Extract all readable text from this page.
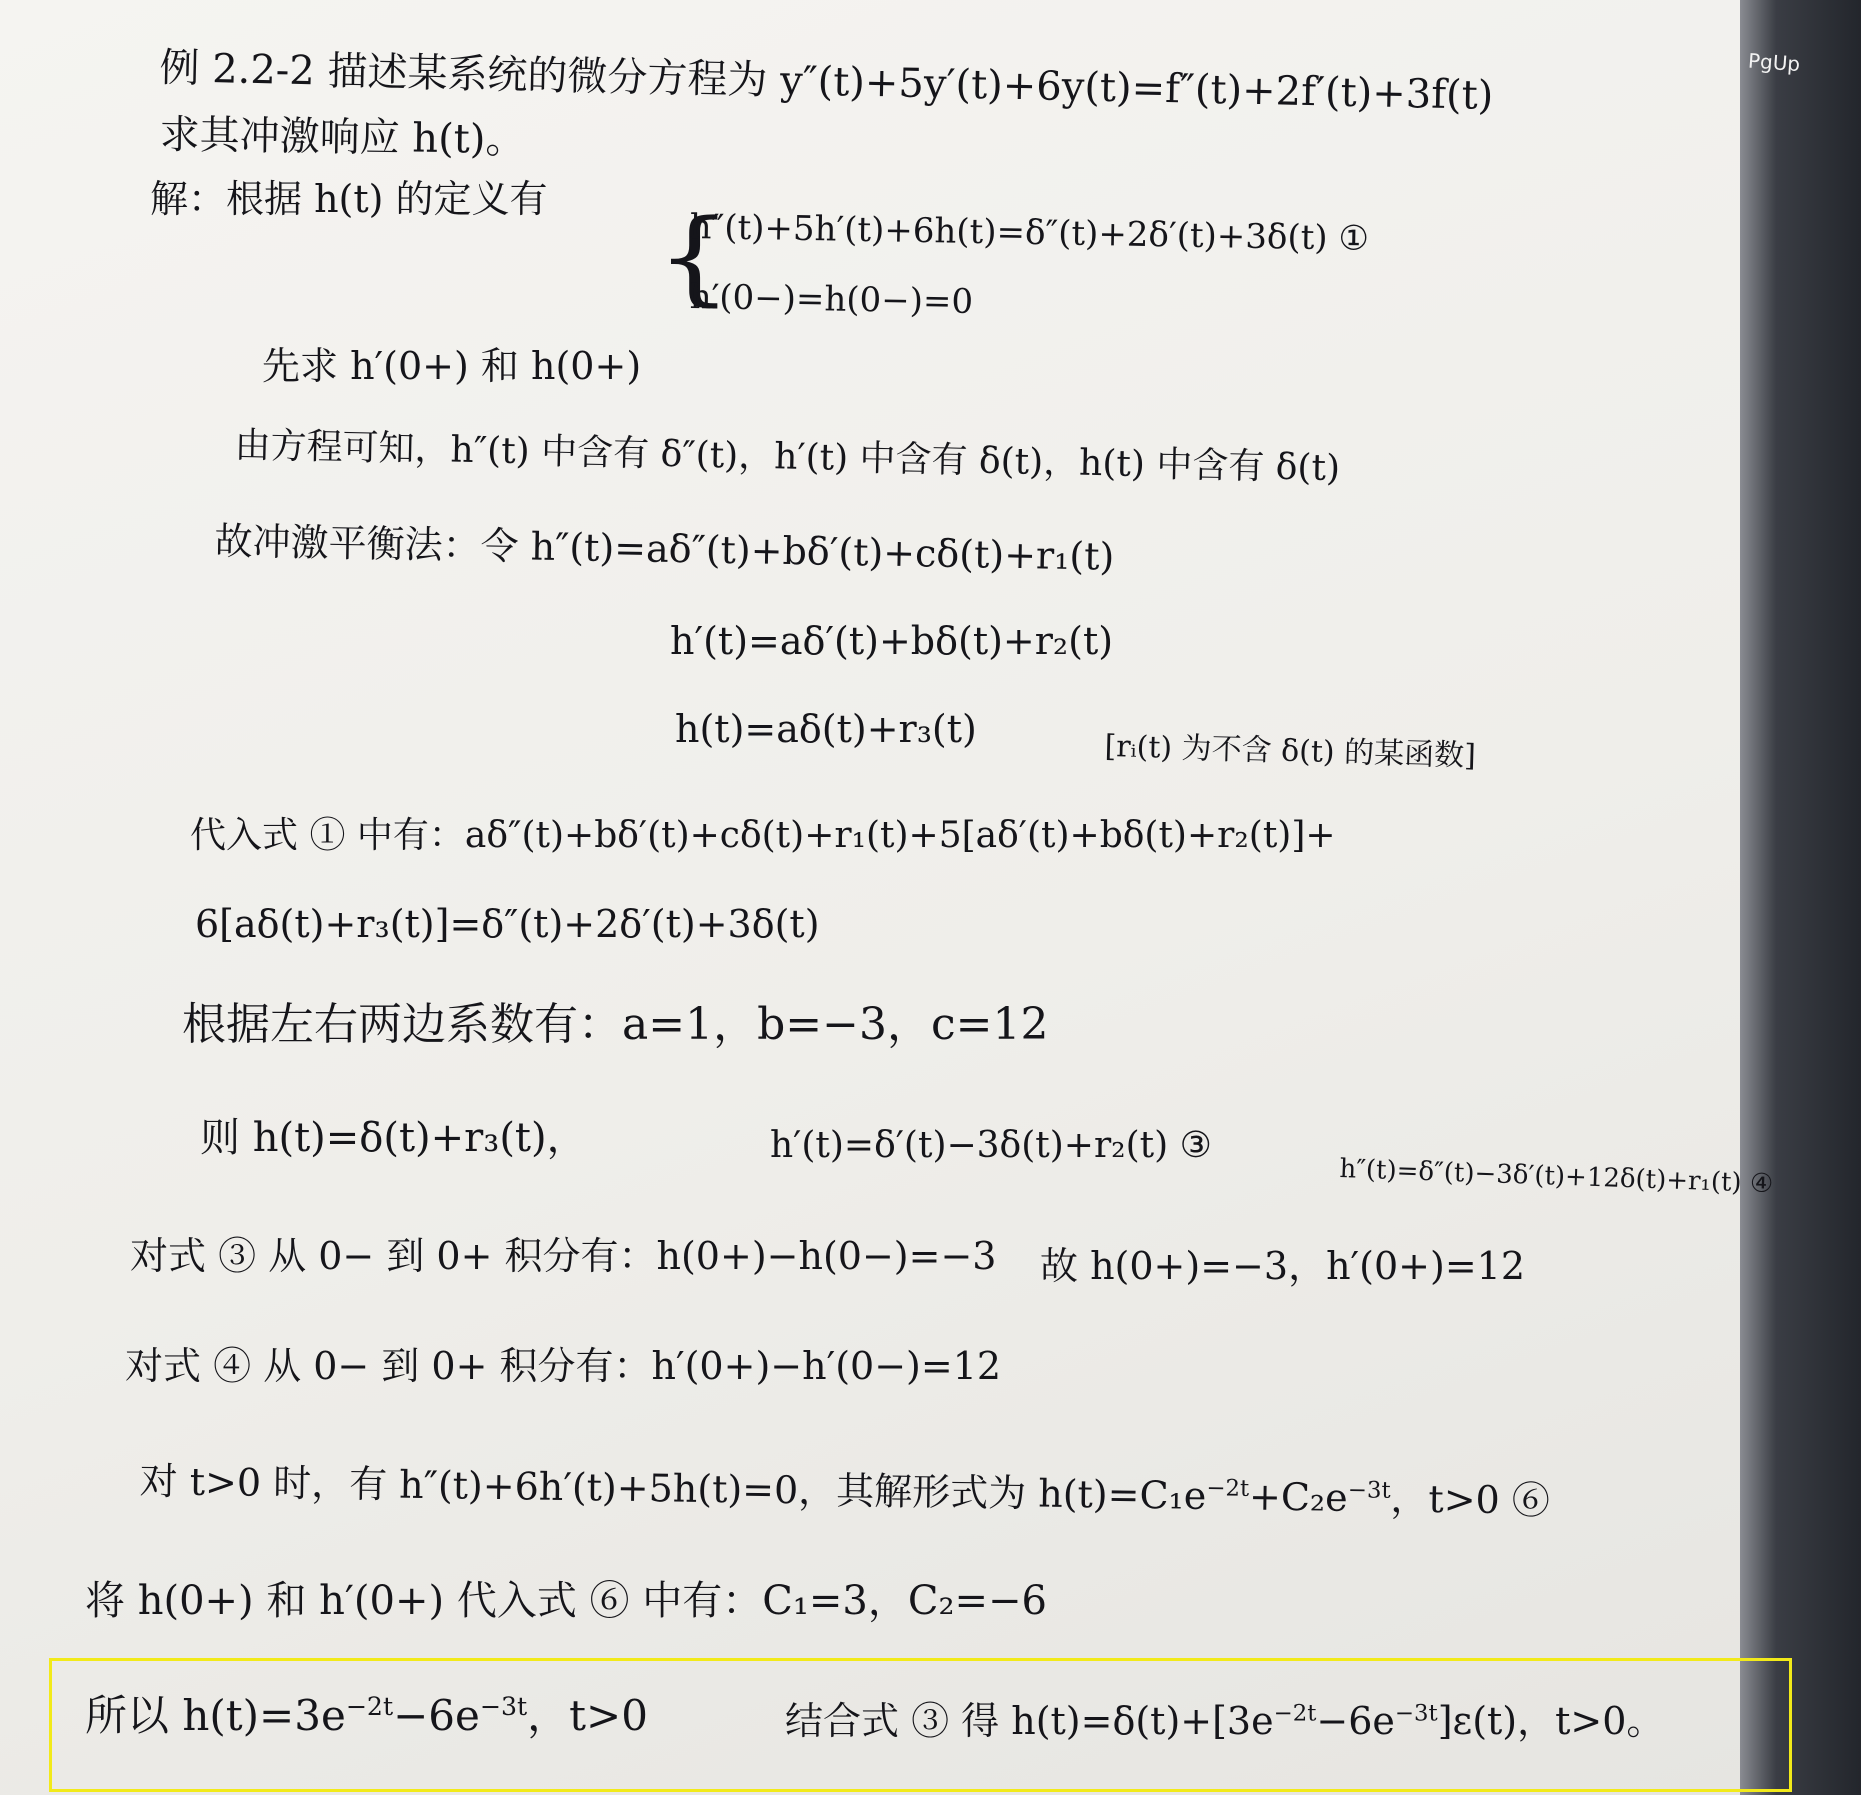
PgUp
例 2.2-2 描述某系统的微分方程为 y″(t)+5y′(t)+6y(t)=f″(t)+2f′(t)+3f(t)
求其冲激响应 h(t)。
解：根据 h(t) 的定义有 {
h″(t)+5h′(t)+6h(t)=δ″(t)+2δ′(t)+3δ(t) ①
h′(0−)=h(0−)=0
先求 h′(0+) 和 h(0+)
由方程可知，h″(t) 中含有 δ″(t)，h′(t) 中含有 δ(t)，h(t) 中含有 δ(t)
故冲激平衡法：令 h″(t)=aδ″(t)+bδ′(t)+cδ(t)+r₁(t)
h′(t)=aδ′(t)+bδ(t)+r₂(t)
h(t)=aδ(t)+r₃(t)
[rᵢ(t) 为不含 δ(t) 的某函数]
代入式 ① 中有：aδ″(t)+bδ′(t)+cδ(t)+r₁(t)+5[aδ′(t)+bδ(t)+r₂(t)]+
6[aδ(t)+r₃(t)]=δ″(t)+2δ′(t)+3δ(t)
根据左右两边系数有：a=1，b=−3，c=12
则 h(t)=δ(t)+r₃(t)，	h′(t)=δ′(t)−3δ(t)+r₂(t) ③
h″(t)=δ″(t)−3δ′(t)+12δ(t)+r₁(t) ④
对式 ③ 从 0− 到 0+ 积分有：h(0+)−h(0−)=−3 故 h(0+)=−3，h′(0+)=12
对式 ④ 从 0− 到 0+ 积分有：h′(0+)−h′(0−)=12
对 t>0 时，有 h″(t)+6h′(t)+5h(t)=0，其解形式为 $h(t)=C_1e^{-2t}+C_2e^{-3t}$，t>0 ⑥
将 h(0+) 和 h′(0+) 代入式 ⑥ 中有：C₁=3，C₂=−6
所以 $h(t)=3e^{-2t}-6e^{-3t}$，t>0	结合式 ③ 得 $h(t)=\delta(t)+[3e^{-2t}-6e^{-3t}]\varepsilon(t)$，t>0。
